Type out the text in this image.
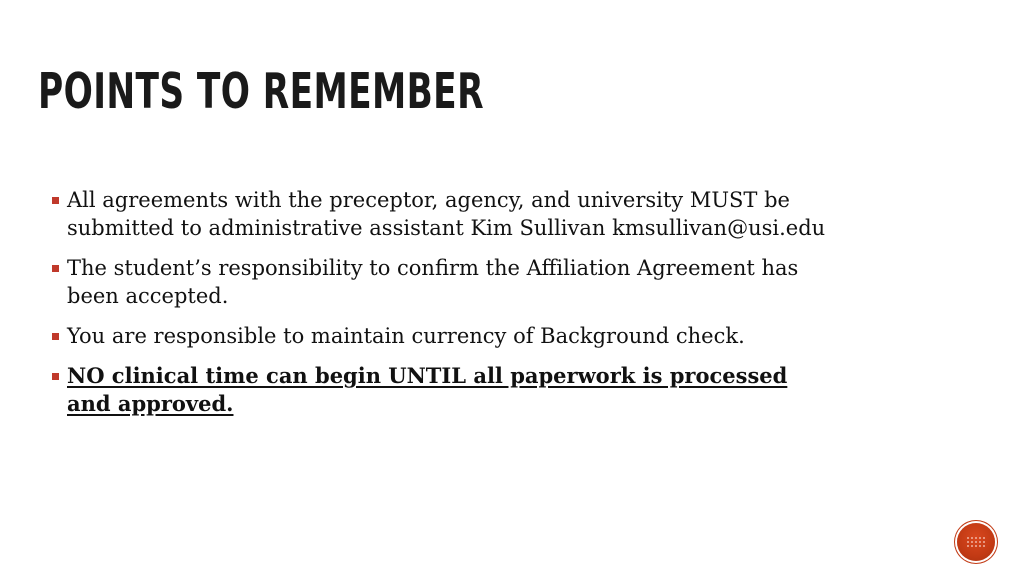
POINTS TO REMEMBER
All agreements with the preceptor, agency, and university MUST be submitted to administrative assistant Kim Sullivan kmsullivan@usi.edu
The student’s responsibility to confirm the Affiliation Agreement has been accepted.
You are responsible to maintain currency of Background check.
NO clinical time can begin UNTIL all paperwork is processed and approved.
